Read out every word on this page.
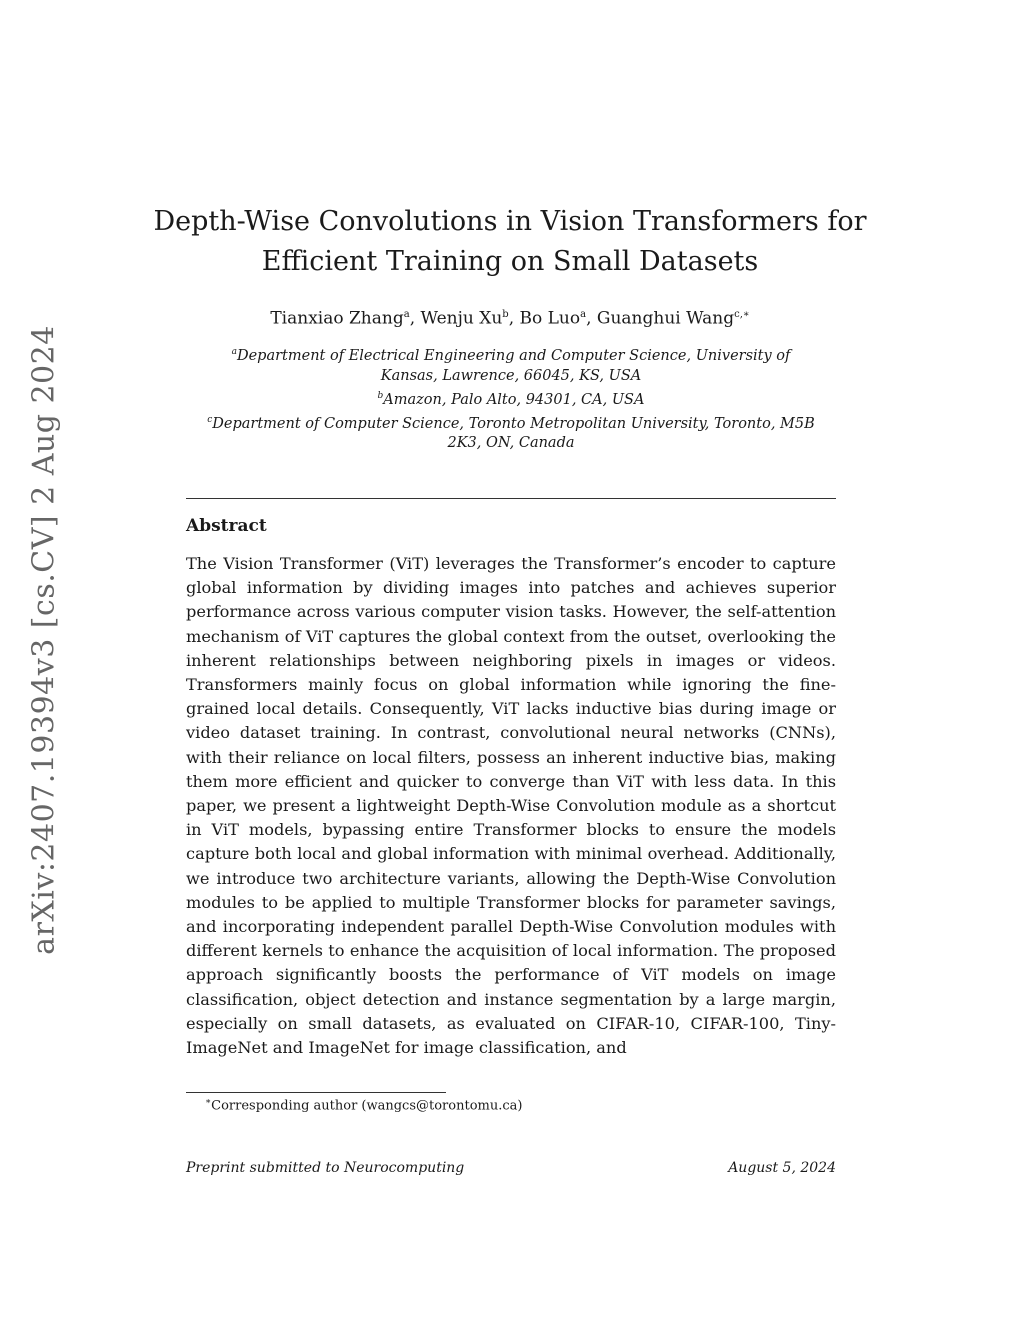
arXiv:2407.19394v3 [cs.CV] 2 Aug 2024
Depth-Wise Convolutions in Vision Transformers for
Efficient Training on Small Datasets
Tianxiao Zhang$^a$, Wenju Xu$^b$, Bo Luo$^a$, Guanghui Wang$^{c,∗}$
$^a$Department of Electrical Engineering and Computer Science, University of
Kansas, Lawrence, 66045, KS, USA
$^b$Amazon, Palo Alto, 94301, CA, USA
$^c$Department of Computer Science, Toronto Metropolitan University, Toronto, M5B
2K3, ON, Canada
Abstract

The Vision Transformer (ViT) leverages the Transformer’s encoder to capture global information by dividing images into patches and achieves superior performance across various computer vision tasks. However, the self-attention mechanism of ViT captures the global context from the outset, overlooking the inherent relationships between neighboring pixels in images or videos. Transformers mainly focus on global information while ignoring the fine-grained local details. Consequently, ViT lacks inductive bias during image or video dataset training. In contrast, convolutional neural networks (CNNs), with their reliance on local filters, possess an inherent inductive bias, making them more efficient and quicker to converge than ViT with less data. In this paper, we present a lightweight Depth-Wise Convolution module as a shortcut in ViT models, bypassing entire Transformer blocks to ensure the models capture both local and global information with minimal overhead. Additionally, we introduce two architecture variants, allowing the Depth-Wise Convolution modules to be applied to multiple Transformer blocks for parameter savings, and incorporating independent parallel Depth-Wise Convolution modules with different kernels to enhance the acquisition of local information. The proposed approach significantly boosts the performance of ViT models on image classification, object detection and instance segmentation by a large margin, especially on small datasets, as evaluated on CIFAR-10, CIFAR-100, Tiny-ImageNet and ImageNet for image classification, and

∗Corresponding author (wangcs@torontomu.ca)
Preprint submitted to Neurocomputing	August 5, 2024
